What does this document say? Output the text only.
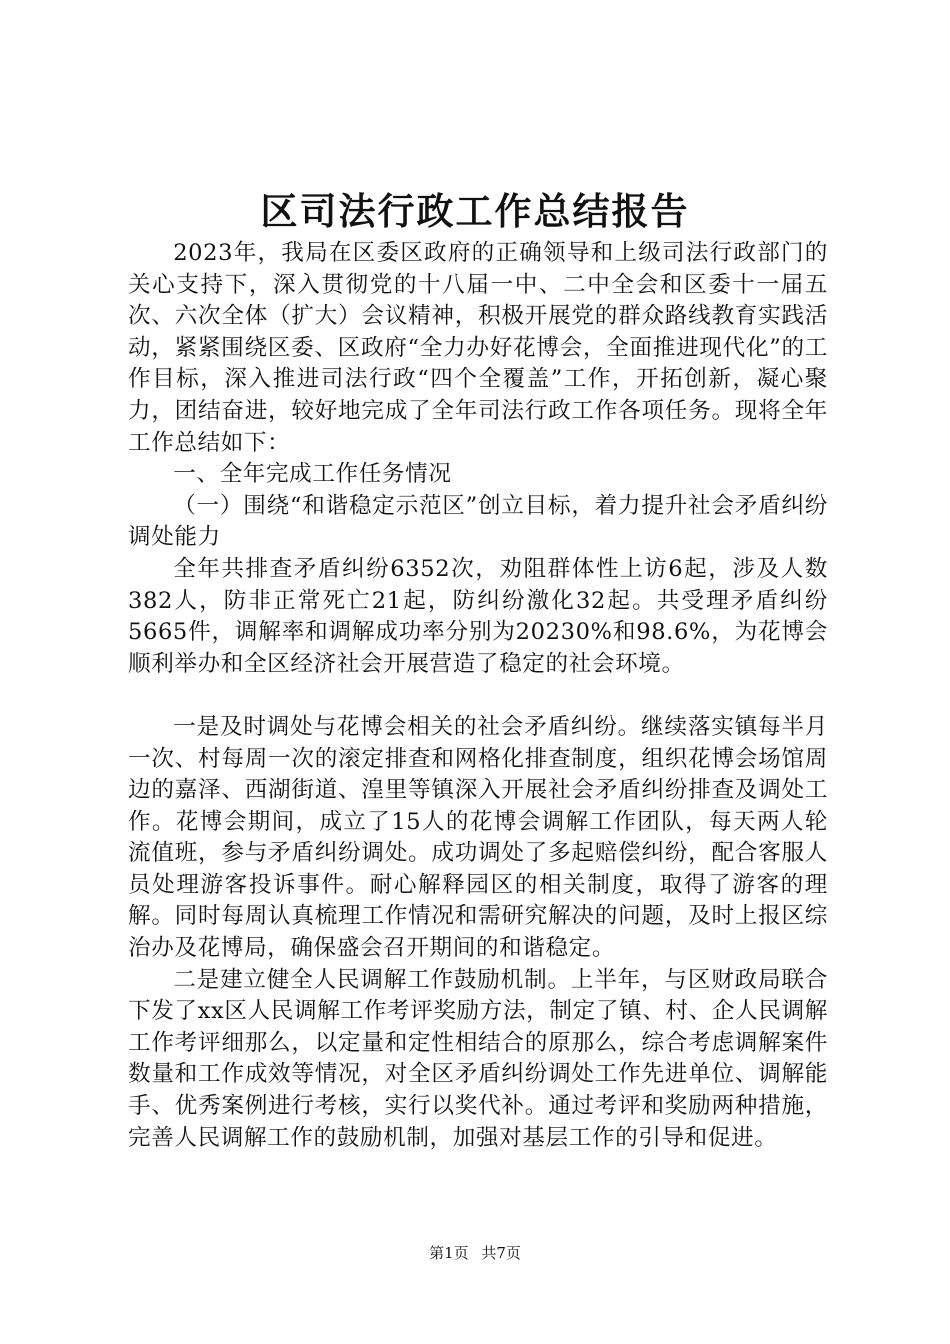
区司法行政工作总结报告

2023年，我局在区委区政府的正确领导和上级司法行政部门的关心支持下，深入贯彻党的十八届一中、二中全会和区委十一届五次、六次全体（扩大）会议精神，积极开展党的群众路线教育实践活动，紧紧围绕区委、区政府“全力办好花博会，全面推进现代化”的工作目标，深入推进司法行政“四个全覆盖”工作，开拓创新，凝心聚力，团结奋进，较好地完成了全年司法行政工作各项任务。现将全年工作总结如下：

一、全年完成工作任务情况

（一）围绕“和谐稳定示范区”创立目标，着力提升社会矛盾纠纷调处能力

全年共排查矛盾纠纷6352次，劝阻群体性上访6起，涉及人数382人，防非正常死亡21起，防纠纷激化32起。共受理矛盾纠纷5665件，调解率和调解成功率分别为20230%和98.6%，为花博会顺利举办和全区经济社会开展营造了稳定的社会环境。

一是及时调处与花博会相关的社会矛盾纠纷。继续落实镇每半月一次、村每周一次的滚定排查和网格化排查制度，组织花博会场馆周边的嘉泽、西湖街道、湟里等镇深入开展社会矛盾纠纷排查及调处工作。花博会期间，成立了15人的花博会调解工作团队，每天两人轮流值班，参与矛盾纠纷调处。成功调处了多起赔偿纠纷，配合客服人员处理游客投诉事件。耐心解释园区的相关制度，取得了游客的理解。同时每周认真梳理工作情况和需研究解决的问题，及时上报区综治办及花博局，确保盛会召开期间的和谐稳定。

二是建立健全人民调解工作鼓励机制。上半年，与区财政局联合下发了xx区人民调解工作考评奖励方法，制定了镇、村、企人民调解工作考评细那么，以定量和定性相结合的原那么，综合考虑调解案件数量和工作成效等情况，对全区矛盾纠纷调处工作先进单位、调解能手、优秀案例进行考核，实行以奖代补。通过考评和奖励两种措施，完善人民调解工作的鼓励机制，加强对基层工作的引导和促进。

第1页 共7页
